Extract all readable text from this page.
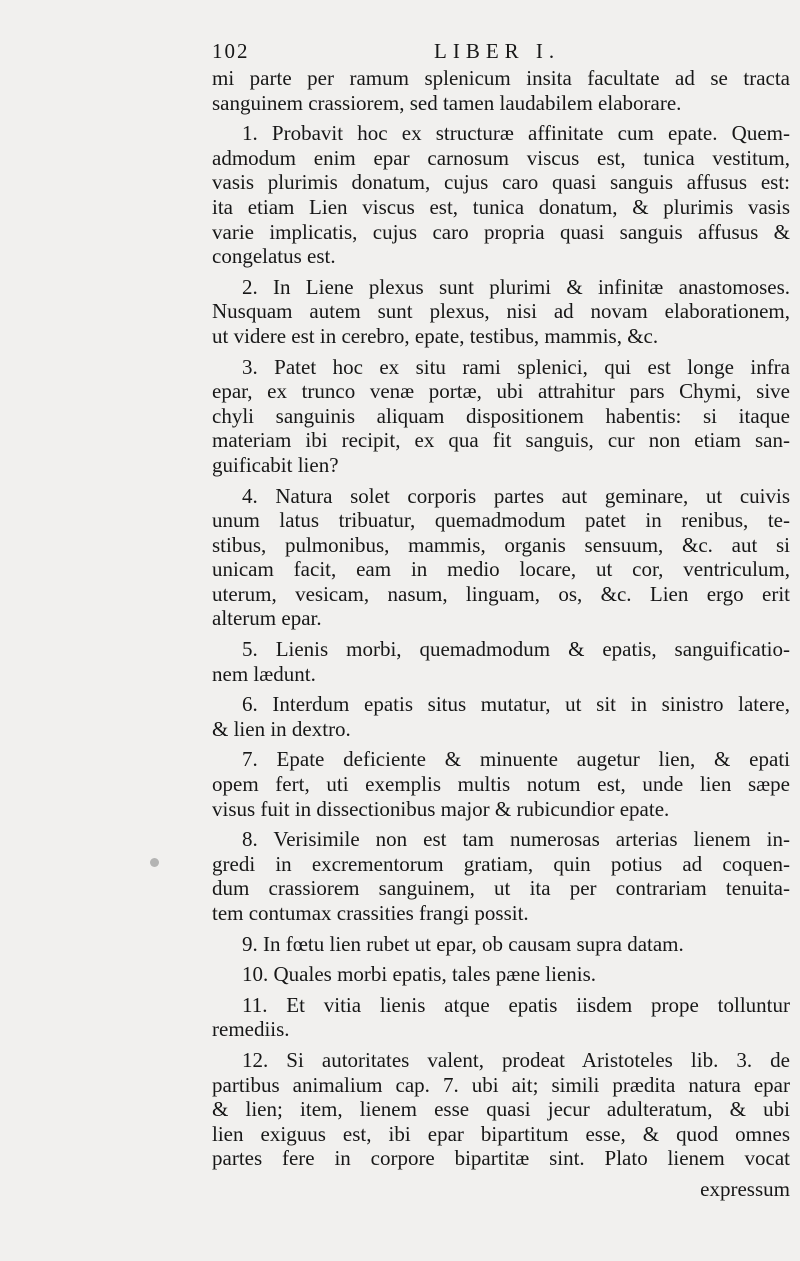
102	LIBER I.
mi parte per ramum splenicum insita facultate ad se tracta
sanguinem crassiorem, sed tamen laudabilem elaborare.
1. Probavit hoc ex structuræ affinitate cum epate. Quem-
admodum enim epar carnosum viscus est, tunica vestitum,
vasis plurimis donatum, cujus caro quasi sanguis affusus est:
ita etiam Lien viscus est, tunica donatum, & plurimis vasis
varie implicatis, cujus caro propria quasi sanguis affusus &
congelatus est.
2. In Liene plexus sunt plurimi & infinitæ anastomoses.
Nusquam autem sunt plexus, nisi ad novam elaborationem,
ut videre est in cerebro, epate, testibus, mammis, &c.
3. Patet hoc ex situ rami splenici, qui est longe infra
epar, ex trunco venæ portæ, ubi attrahitur pars Chymi, sive
chyli sanguinis aliquam dispositionem habentis: si itaque
materiam ibi recipit, ex qua fit sanguis, cur non etiam san-
guificabit lien?
4. Natura solet corporis partes aut geminare, ut cuivis
unum latus tribuatur, quemadmodum patet in renibus, te-
stibus, pulmonibus, mammis, organis sensuum, &c. aut si
unicam facit, eam in medio locare, ut cor, ventriculum,
uterum, vesicam, nasum, linguam, os, &c. Lien ergo erit
alterum epar.
5. Lienis morbi, quemadmodum & epatis, sanguificatio-
nem lædunt.
6. Interdum epatis situs mutatur, ut sit in sinistro latere,
& lien in dextro.
7. Epate deficiente & minuente augetur lien, & epati
opem fert, uti exemplis multis notum est, unde lien sæpe
visus fuit in dissectionibus major & rubicundior epate.
8. Verisimile non est tam numerosas arterias lienem in-
gredi in excrementorum gratiam, quin potius ad coquen-
dum crassiorem sanguinem, ut ita per contrariam tenuita-
tem contumax crassities frangi possit.
9. In fœtu lien rubet ut epar, ob causam supra datam.
10. Quales morbi epatis, tales pæne lienis.
11. Et vitia lienis atque epatis iisdem prope tolluntur
remediis.
12. Si autoritates valent, prodeat Aristoteles lib. 3. de
partibus animalium cap. 7. ubi ait; simili prædita natura epar
& lien; item, lienem esse quasi jecur adulteratum, & ubi
lien exiguus est, ibi epar bipartitum esse, & quod omnes
partes fere in corpore bipartitæ sint. Plato lienem vocat
expressum
